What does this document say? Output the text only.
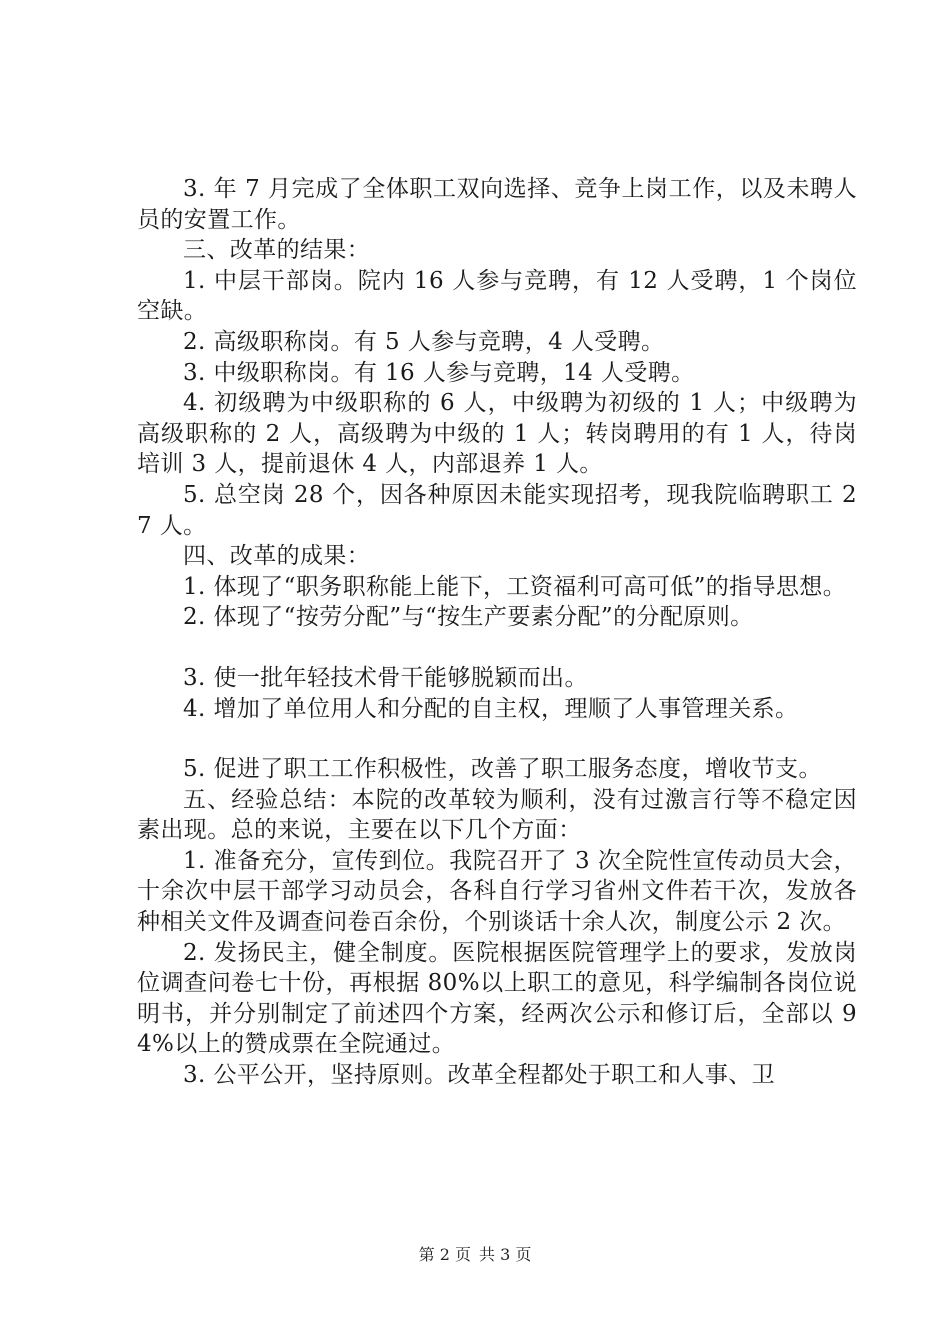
3. 年 7 月完成了全体职工双向选择、竞争上岗工作，以及未聘人员的安置工作。

三、改革的结果：

1. 中层干部岗。院内 16 人参与竞聘，有 12 人受聘，1 个岗位空缺。

2. 高级职称岗。有 5 人参与竞聘，4 人受聘。

3. 中级职称岗。有 16 人参与竞聘，14 人受聘。

4. 初级聘为中级职称的 6 人，中级聘为初级的 1 人；中级聘为高级职称的 2 人，高级聘为中级的 1 人；转岗聘用的有 1 人，待岗培训 3 人，提前退休 4 人，内部退养 1 人。

5. 总空岗 28 个，因各种原因未能实现招考，现我院临聘职工 27 人。

四、改革的成果：

1. 体现了“职务职称能上能下，工资福利可高可低”的指导思想。

2. 体现了“按劳分配”与“按生产要素分配”的分配原则。

3. 使一批年轻技术骨干能够脱颖而出。

4. 增加了单位用人和分配的自主权，理顺了人事管理关系。

5. 促进了职工工作积极性，改善了职工服务态度，增收节支。

五、经验总结：本院的改革较为顺利，没有过激言行等不稳定因素出现。总的来说，主要在以下几个方面：

1. 准备充分，宣传到位。我院召开了 3 次全院性宣传动员大会，十余次中层干部学习动员会，各科自行学习省州文件若干次，发放各种相关文件及调查问卷百余份，个别谈话十余人次，制度公示 2 次。

2. 发扬民主，健全制度。医院根据医院管理学上的要求，发放岗位调查问卷七十份，再根据 80%以上职工的意见，科学编制各岗位说明书，并分别制定了前述四个方案，经两次公示和修订后，全部以 94%以上的赞成票在全院通过。

3. 公平公开，坚持原则。改革全程都处于职工和人事、卫

第 2 页 共 3 页
